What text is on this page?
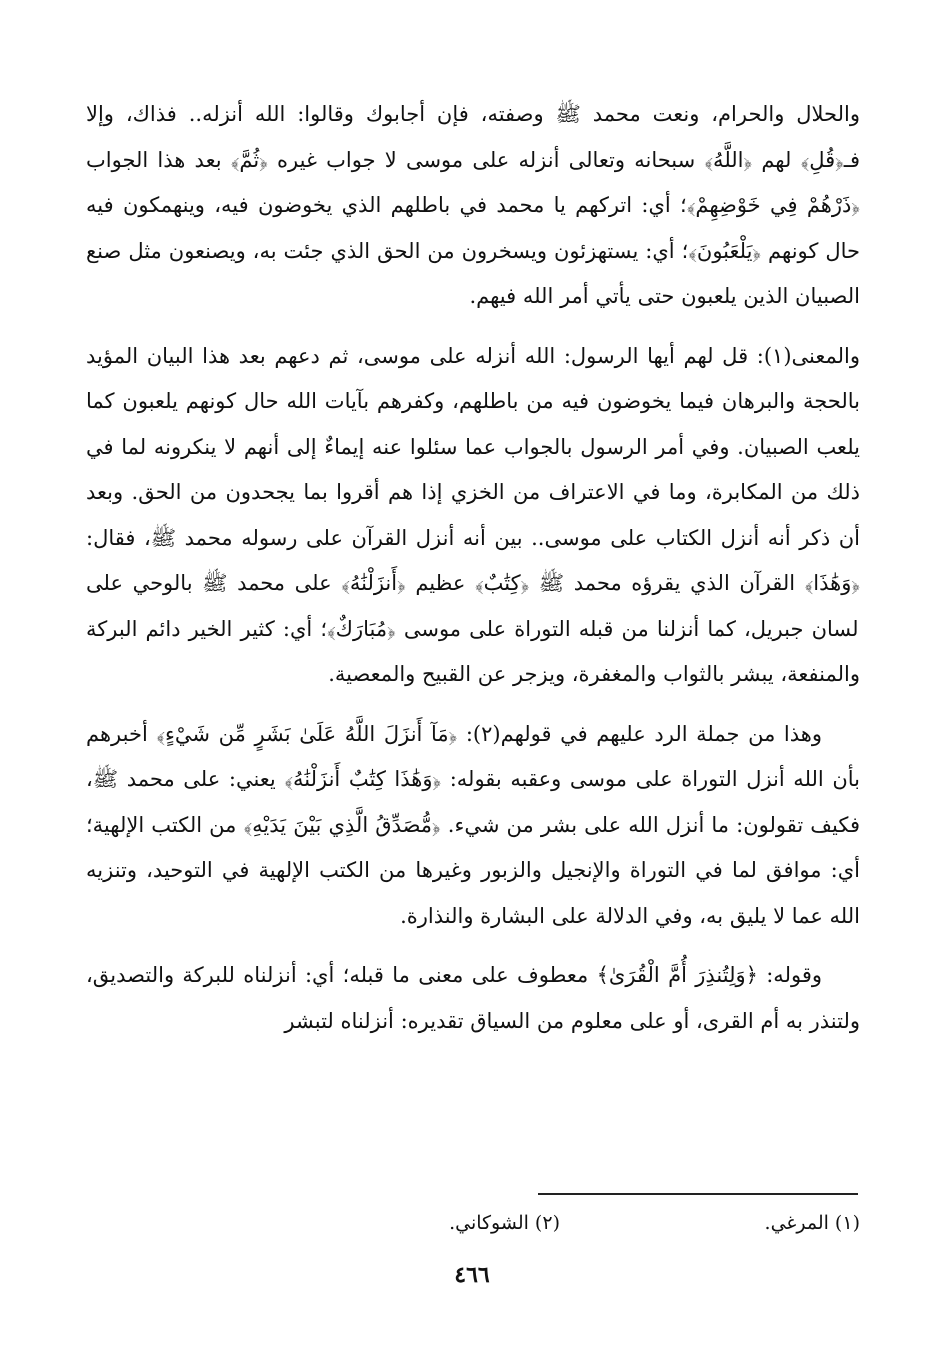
والحلال والحرام، ونعت محمد ﷺ وصفته، فإن أجابوك وقالوا: الله أنزله.. فذاك، وإلا فـ﴿قُلِ﴾ لهم ﴿اللَّهُ﴾ سبحانه وتعالى أنزله على موسى لا جواب غيره ﴿ثُمَّ﴾ بعد هذا الجواب ﴿ذَرْهُمْ فِي خَوْضِهِمْ﴾؛ أي: اتركهم يا محمد في باطلهم الذي يخوضون فيه، وينهمكون فيه حال كونهم ﴿يَلْعَبُونَ﴾؛ أي: يستهزئون ويسخرون من الحق الذي جئت به، ويصنعون مثل صنع الصبيان الذين يلعبون حتى يأتي أمر الله فيهم.

والمعنى(١): قل لهم أيها الرسول: الله أنزله على موسى، ثم دعهم بعد هذا البيان المؤيد بالحجة والبرهان فيما يخوضون فيه من باطلهم، وكفرهم بآيات الله حال كونهم يلعبون كما يلعب الصبيان. وفي أمر الرسول بالجواب عما سئلوا عنه إيماءٌ إلى أنهم لا ينكرونه لما في ذلك من المكابرة، وما في الاعتراف من الخزي إذا هم أقروا بما يجحدون من الحق. وبعد أن ذكر أنه أنزل الكتاب على موسى.. بين أنه أنزل القرآن على رسوله محمد ﷺ، فقال: ﴿وَهَٰذَا﴾ القرآن الذي يقرؤه محمد ﷺ ﴿كِتَٰبٌ﴾ عظيم ﴿أَنزَلْنَٰهُ﴾ على محمد ﷺ بالوحي على لسان جبريل، كما أنزلنا من قبله التوراة على موسى ﴿مُبَارَكٌ﴾؛ أي: كثير الخير دائم البركة والمنفعة، يبشر بالثواب والمغفرة، ويزجر عن القبيح والمعصية.

وهذا من جملة الرد عليهم في قولهم(٢): ﴿مَآ أَنزَلَ اللَّهُ عَلَىٰ بَشَرٍ مِّن شَيْءٍ﴾ أخبرهم بأن الله أنزل التوراة على موسى وعقبه بقوله: ﴿وَهَٰذَا كِتَٰبٌ أَنزَلْنَٰهُ﴾ يعني: على محمد ﷺ، فكيف تقولون: ما أنزل الله على بشر من شيء. ﴿مُّصَدِّقُ الَّذِي بَيْنَ يَدَيْهِ﴾ من الكتب الإلهية؛ أي: موافق لما في التوراة والإنجيل والزبور وغيرها من الكتب الإلهية في التوحيد، وتنزيه الله عما لا يليق به، وفي الدلالة على البشارة والنذارة.

وقوله: ﴿وَلِتُنذِرَ أُمَّ الْقُرَىٰ﴾ معطوف على معنى ما قبله؛ أي: أنزلناه للبركة والتصديق، ولتنذر به أم القرى، أو على معلوم من السياق تقديره: أنزلناه لتبشر

(١) المرغي.
(٢) الشوكاني.
٤٦٦
